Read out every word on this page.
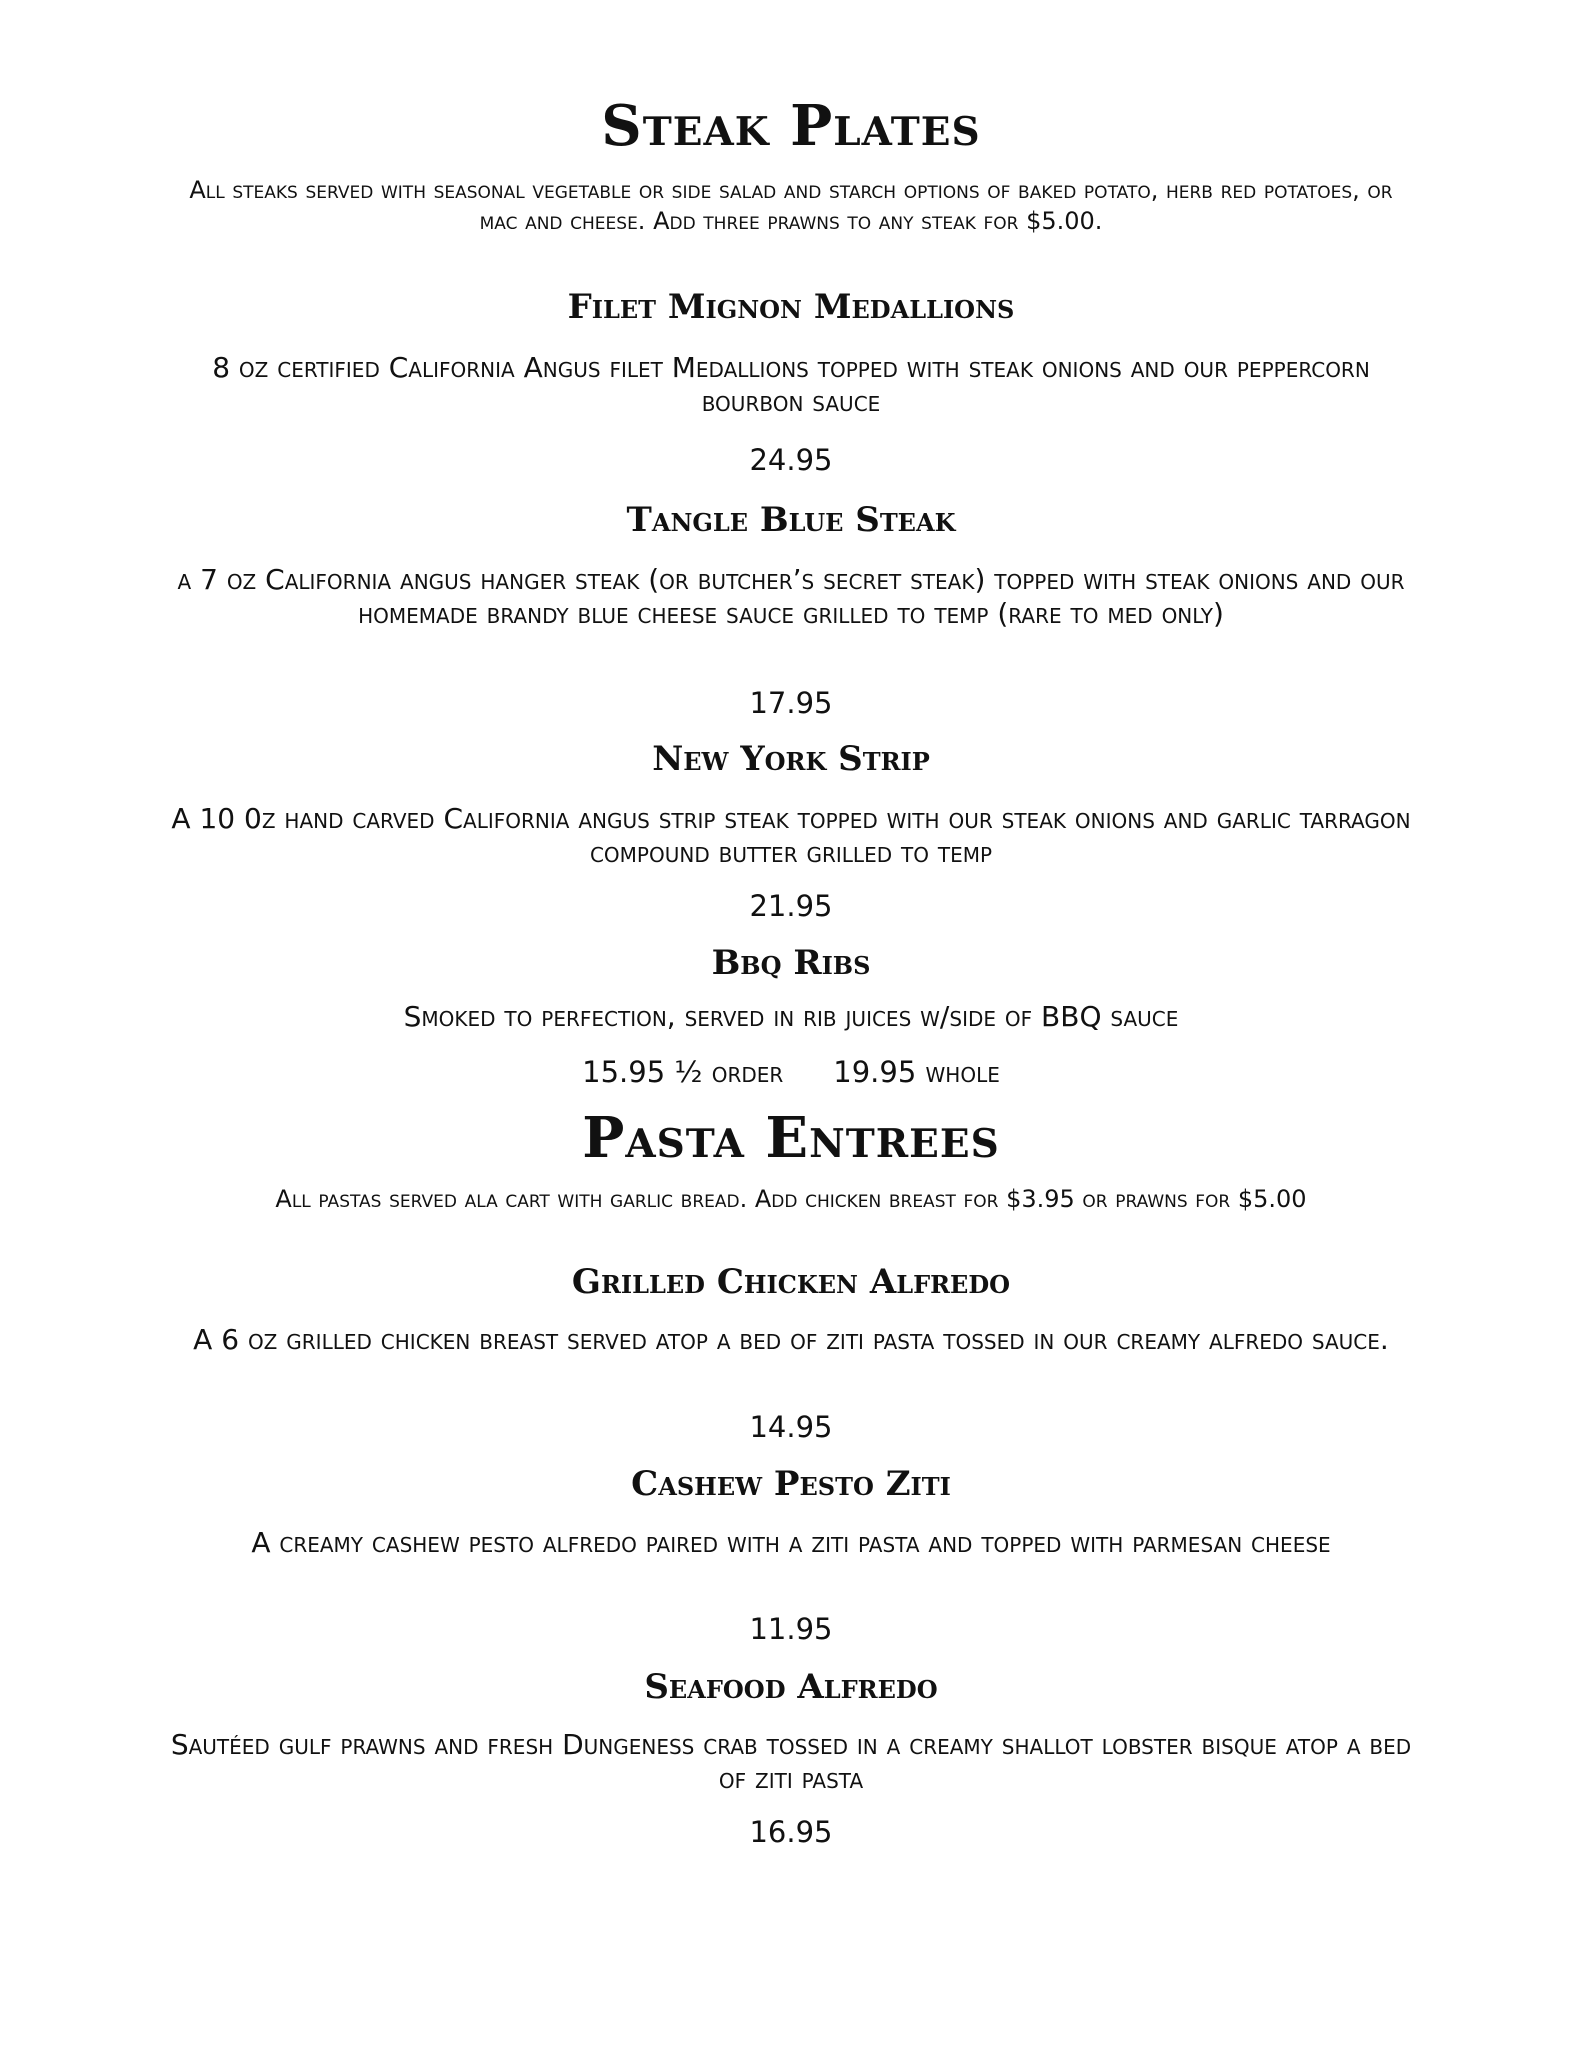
Steak Plates

All steaks served with seasonal vegetable or side salad and starch options of baked potato, herb red potatoes, or mac and cheese. Add three prawns to any steak for $5.00.

Filet Mignon Medallions

8 oz certified California Angus filet Medallions topped with steak onions and our peppercorn bourbon sauce

24.95
Tangle Blue Steak

a 7 oz California angus hanger steak (or butcher’s secret steak) topped with steak onions and our homemade brandy blue cheese sauce grilled to temp (rare to med only)

17.95
New York Strip

A 10 0z hand carved California angus strip steak topped with our steak onions and garlic tarragon compound butter grilled to temp

21.95
Bbq Ribs

Smoked to perfection, served in rib juices w/side of BBQ sauce

15.95 ½ order 19.95 whole
Pasta Entrees

All pastas served ala cart with garlic bread. Add chicken breast for $3.95 or prawns for $5.00

Grilled Chicken Alfredo

A 6 oz grilled chicken breast served atop a bed of ziti pasta tossed in our creamy alfredo sauce.

14.95
Cashew Pesto Ziti

A creamy cashew pesto alfredo paired with a ziti pasta and topped with parmesan cheese

11.95
Seafood Alfredo

Sautéed gulf prawns and fresh Dungeness crab tossed in a creamy shallot lobster bisque atop a bed of ziti pasta

16.95
